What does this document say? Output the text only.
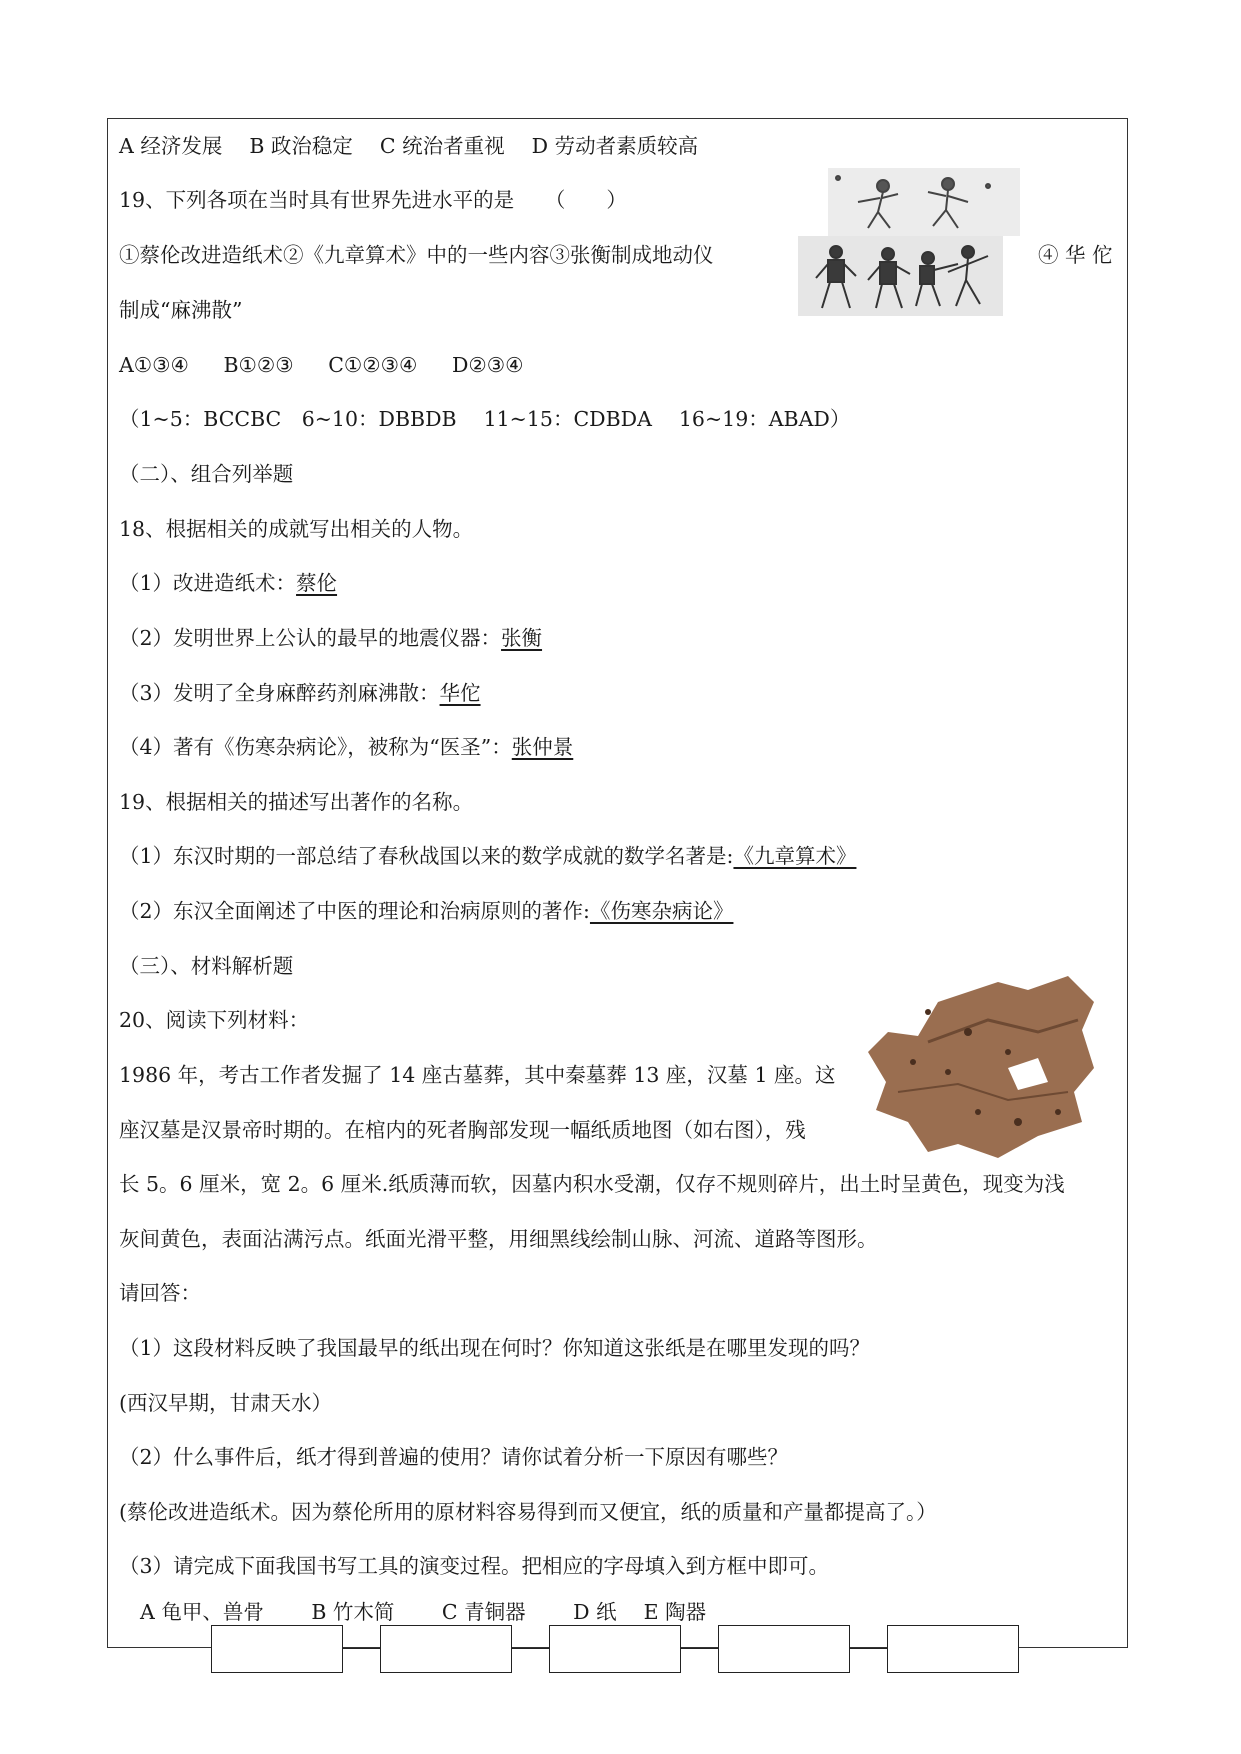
A 经济发展　 B 政治稳定　 C 统治者重视　 D 劳动者素质较高
19、下列各项在当时具有世界先进水平的是　　（　　）
①蔡伦改进造纸术②《九章算术》中的一些内容③张衡制成地动仪	④ 华 佗
制成“麻沸散”
A①③④ B①②③ C①②③④ D②③④
（1~5：BCCBC　6~10：DBBDB　 11~15：CDBDA　 16~19：ABAD）
（二）、组合列举题
18、根据相关的成就写出相关的人物。
（1）改进造纸术：蔡伦
（2）发明世界上公认的最早的地震仪器：张衡
（3）发明了全身麻醉药剂麻沸散：华佗
（4）著有《伤寒杂病论》，被称为“医圣”：张仲景
19、根据相关的描述写出著作的名称。
（1）东汉时期的一部总结了春秋战国以来的数学成就的数学名著是:《九章算术》
（2）东汉全面阐述了中医的理论和治病原则的著作:《伤寒杂病论》
（三）、材料解析题
20、阅读下列材料：
1986 年，考古工作者发掘了 14 座古墓葬，其中秦墓葬 13 座，汉墓 1 座。这
座汉墓是汉景帝时期的。在棺内的死者胸部发现一幅纸质地图（如右图），残
长 5。6 厘米，宽 2。6 厘米.纸质薄而软，因墓内积水受潮，仅存不规则碎片，出土时呈黄色，现变为浅
灰间黄色，表面沾满污点。纸面光滑平整，用细黑线绘制山脉、河流、道路等图形。
请回答：
（1）这段材料反映了我国最早的纸出现在何时？你知道这张纸是在哪里发现的吗？
(西汉早期，甘肃天水）
（2）什么事件后，纸才得到普遍的使用？请你试着分析一下原因有哪些？
(蔡伦改进造纸术。因为蔡伦所用的原材料容易得到而又便宜，纸的质量和产量都提高了。）
（3）请完成下面我国书写工具的演变过程。把相应的字母填入到方框中即可。
A 龟甲、兽骨　　 B 竹木简　　 C 青铜器　　 D 纸　 E 陶器
